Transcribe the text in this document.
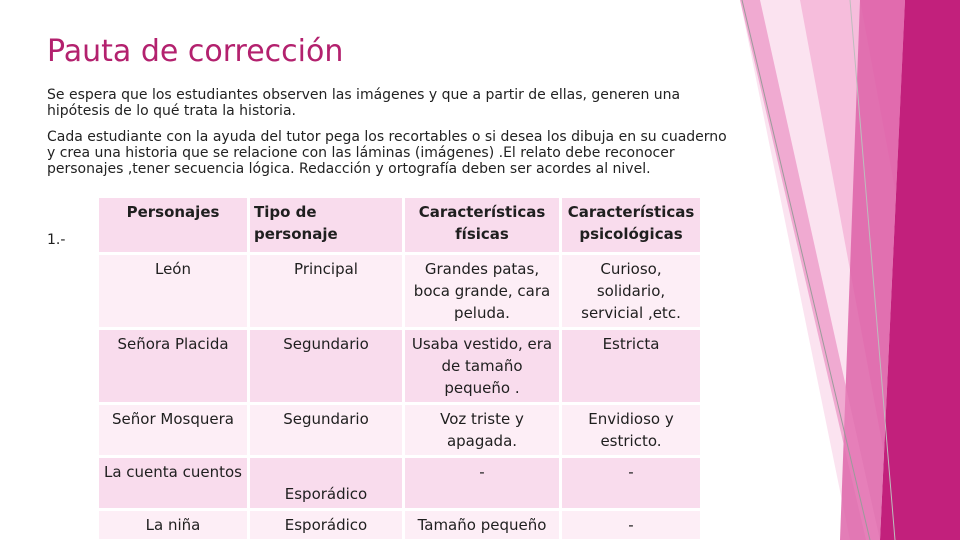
Pauta de corrección
Se espera que los estudiantes observen las imágenes y que a partir de ellas, generen una hipótesis de lo qué trata la historia.
Cada estudiante con la ayuda del tutor pega los recortables o si desea los dibuja en su cuaderno y crea una historia que se relacione con las láminas (imágenes) .El relato debe reconocer personajes ,tener secuencia lógica. Redacción y ortografía deben ser acordes al nivel.
1.-
Personajes	Tipo de personaje	Características físicas	Características psicológicas
León	Principal	Grandes patas, boca grande, cara peluda.	Curioso, solidario, servicial ,etc.
Señora Placida	Segundario	Usaba vestido, era de tamaño pequeño .	Estricta
Señor Mosquera	Segundario	Voz triste y apagada.	Envidioso y estricto.
La cuenta cuentos	Esporádico	-	-
La niña	Esporádico	Tamaño pequeño	-
